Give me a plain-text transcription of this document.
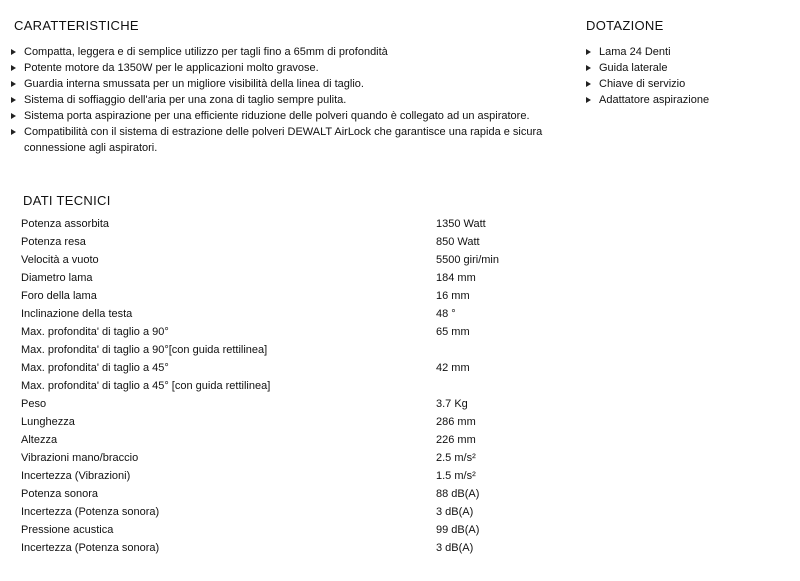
CARATTERISTICHE
Compatta, leggera e di semplice utilizzo per tagli fino a 65mm di profondità
Potente motore da 1350W per le applicazioni molto gravose.
Guardia interna smussata per un migliore visibilità della linea di taglio.
Sistema di soffiaggio dell'aria per una zona di taglio sempre pulita.
Sistema porta aspirazione per una efficiente riduzione delle polveri quando è collegato ad un aspiratore.
Compatibilità con il sistema di estrazione delle polveri DEWALT AirLock che garantisce una rapida e sicura connessione agli aspiratori.
DOTAZIONE
Lama 24 Denti
Guida laterale
Chiave di servizio
Adattatore aspirazione
DATI TECNICI
Potenza assorbita	1350 Watt
Potenza resa	850 Watt
Velocità a vuoto	5500 giri/min
Diametro lama	184 mm
Foro della lama	16 mm
Inclinazione della testa	48 °
Max. profondita' di taglio a 90°	65 mm
Max. profondita' di taglio a 90°[con guida rettilinea]	
Max. profondita' di taglio a 45°	42 mm
Max. profondita' di taglio a 45° [con guida rettilinea]	
Peso	3.7 Kg
Lunghezza	286 mm
Altezza	226 mm
Vibrazioni mano/braccio	2.5 m/s²
Incertezza (Vibrazioni)	1.5 m/s²
Potenza sonora	88 dB(A)
Incertezza (Potenza sonora)	3 dB(A)
Pressione acustica	99 dB(A)
Incertezza (Potenza sonora)	3 dB(A)
